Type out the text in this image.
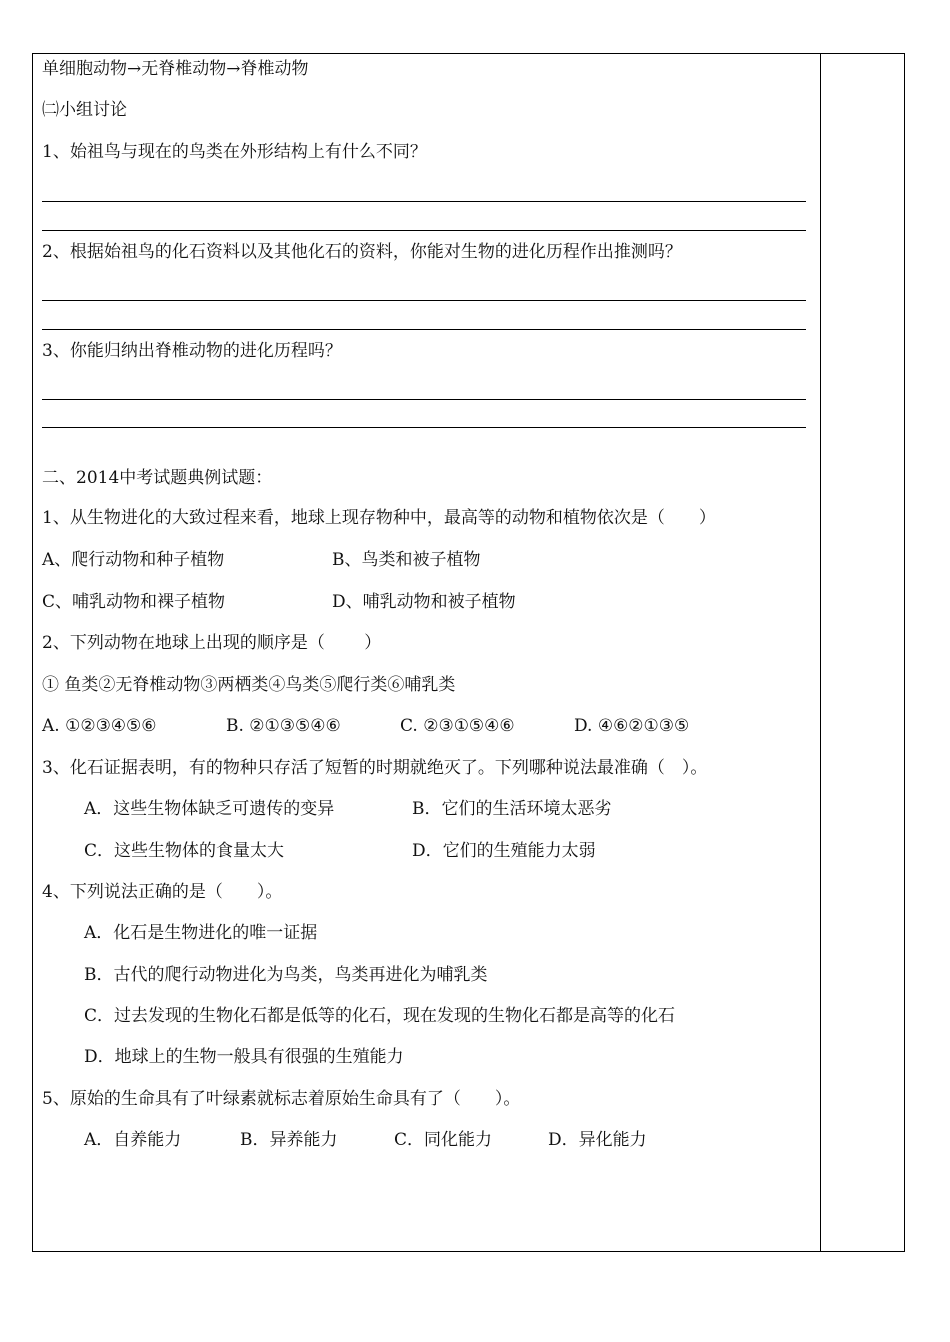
单细胞动物→无脊椎动物→脊椎动物
㈡小组讨论
1、始祖鸟与现在的鸟类在外形结构上有什么不同？
2、根据始祖鸟的化石资料以及其他化石的资料，你能对生物的进化历程作出推测吗？
3、你能归纳出脊椎动物的进化历程吗？
二、2014中考试题典例试题：
1、从生物进化的大致过程来看，地球上现存物种中，最高等的动物和植物依次是（　　）
A、爬行动物和种子植物	B、鸟类和被子植物
C、哺乳动物和裸子植物	D、哺乳动物和被子植物
2、下列动物在地球上出现的顺序是（　　 ）
① 鱼类②无脊椎动物③两栖类④鸟类⑤爬行类⑥哺乳类
A. ①②③④⑤⑥	B. ②①③⑤④⑥	C. ②③①⑤④⑥	D. ④⑥②①③⑤
3、化石证据表明，有的物种只存活了短暂的时期就绝灭了。下列哪种说法最准确（　）。
A．这些生物体缺乏可遗传的变异	B．它们的生活环境太恶劣
C．这些生物体的食量太大	D．它们的生殖能力太弱
4、下列说法正确的是（　　）。
A．化石是生物进化的唯一证据
B．古代的爬行动物进化为鸟类，鸟类再进化为哺乳类
C．过去发现的生物化石都是低等的化石，现在发现的生物化石都是高等的化石
D．地球上的生物一般具有很强的生殖能力
5、原始的生命具有了叶绿素就标志着原始生命具有了（　　）。
A．自养能力	B．异养能力	C．同化能力	D．异化能力
